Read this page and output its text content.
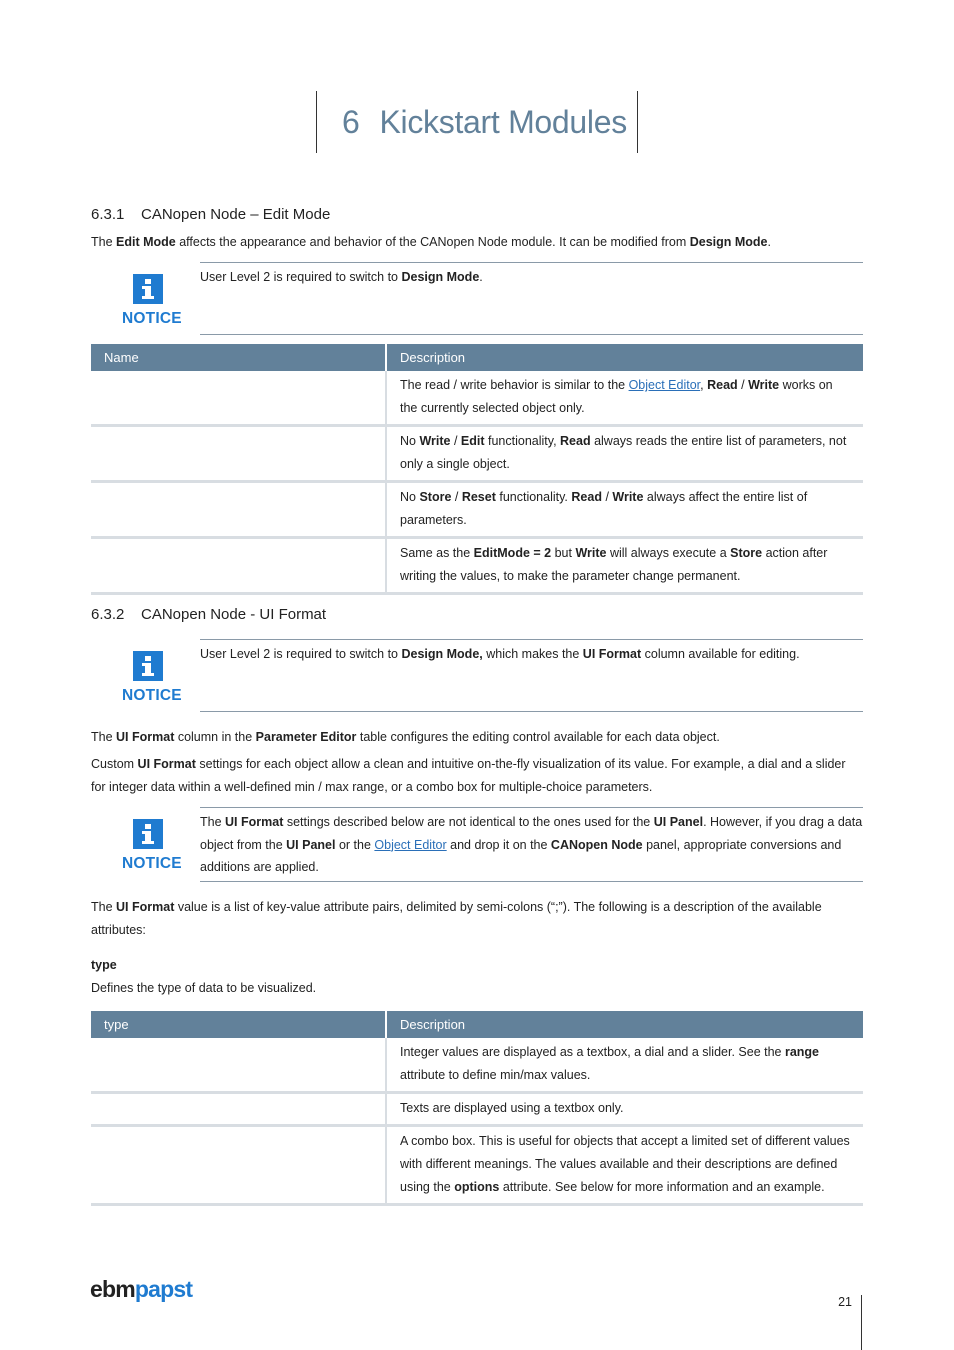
6 Kickstart Modules
6.3.1 CANopen Node – Edit Mode
The Edit Mode affects the appearance and behavior of the CANopen Node module. It can be modified from Design Mode.
NOTICE
User Level 2 is required to switch to Design Mode.
Name	Description
	The read / write behavior is similar to the Object Editor, Read / Write works on the currently selected object only.
	No Write / Edit functionality, Read always reads the entire list of parameters, not only a single object.
	No Store / Reset functionality. Read / Write always affect the entire list of parameters.
	Same as the EditMode = 2 but Write will always execute a Store action after writing the values, to make the parameter change permanent.
6.3.2 CANopen Node - UI Format
NOTICE
User Level 2 is required to switch to Design Mode, which makes the UI Format column available for editing.
The UI Format column in the Parameter Editor table configures the editing control available for each data object.
Custom UI Format settings for each object allow a clean and intuitive on-the-fly visualization of its value. For example, a dial and a slider for integer data within a well-defined min / max range, or a combo box for multiple-choice parameters.
NOTICE
The UI Format settings described below are not identical to the ones used for the UI Panel. However, if you drag a data object from the UI Panel or the Object Editor and drop it on the CANopen Node panel, appropriate conversions and additions are applied.
The UI Format value is a list of key-value attribute pairs, delimited by semi-colons (“;”). The following is a description of the available attributes:
type
Defines the type of data to be visualized.
type	Description
	Integer values are displayed as a textbox, a dial and a slider. See the range attribute to define min/max values.
	Texts are displayed using a textbox only.
	A combo box. This is useful for objects that accept a limited set of different values with different meanings. The values available and their descriptions are defined using the options attribute. See below for more information and an example.
ebmpapst	21
